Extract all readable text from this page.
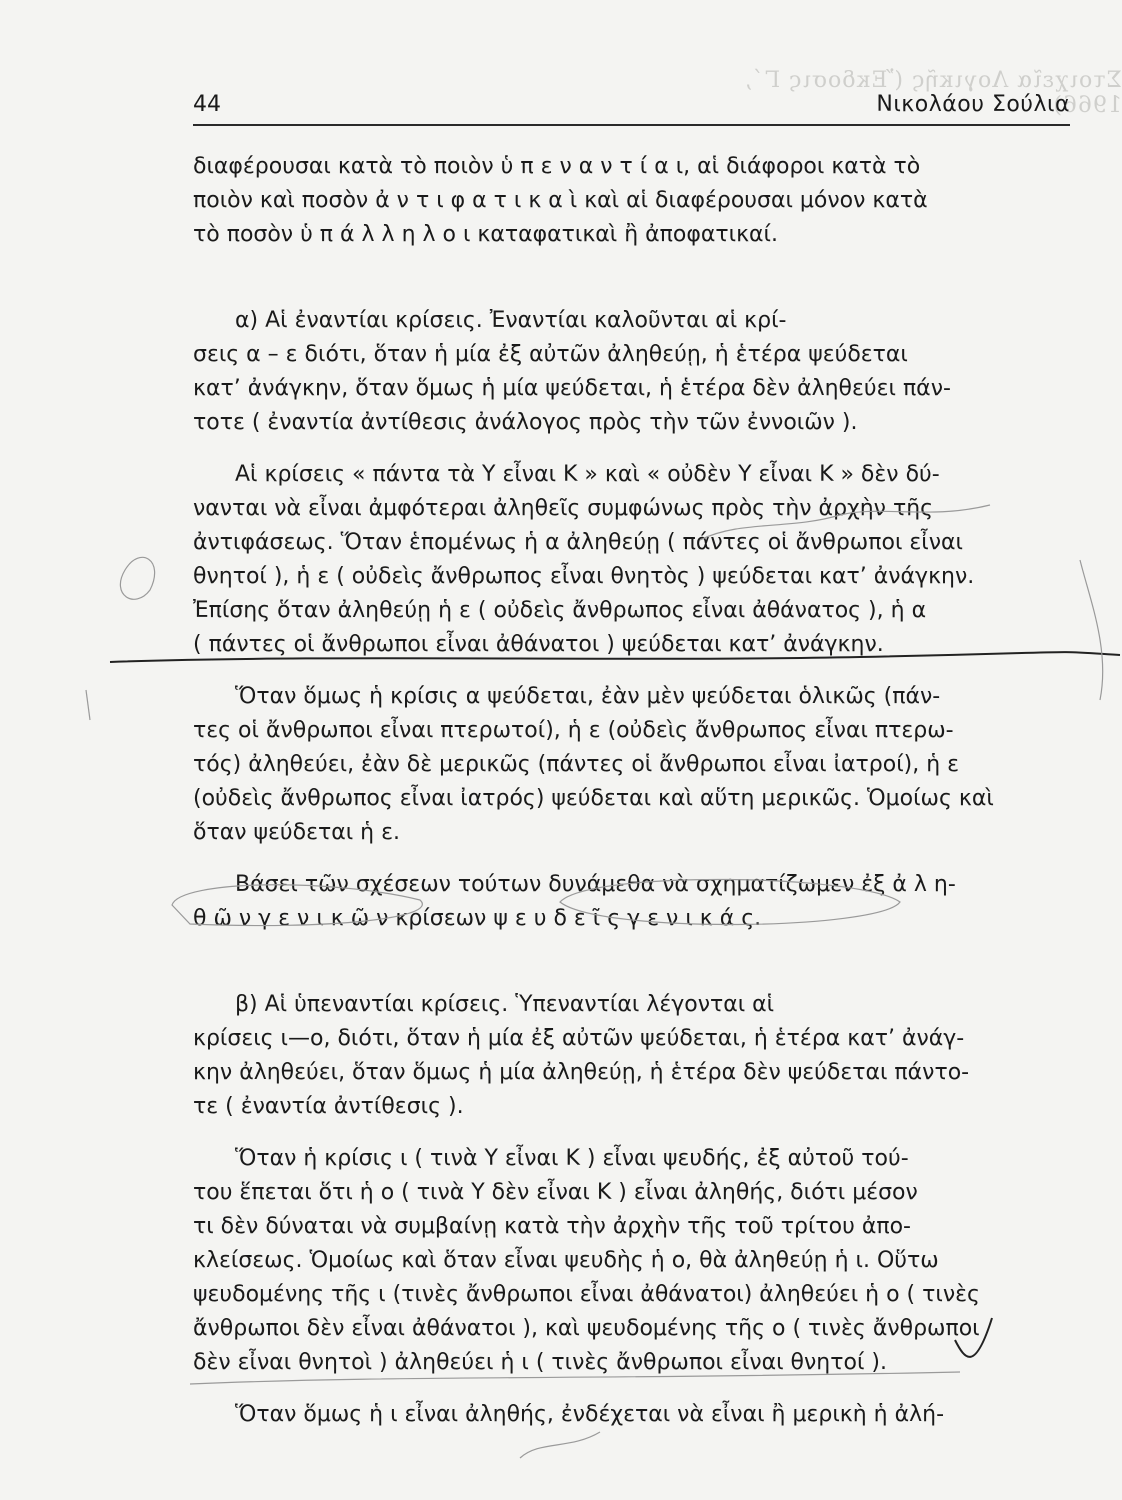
Στοιχεῖα Λογικῆς (Ἔκδοσις Γ΄, 1966)
44	Νικολάου Σούλια
διαφέρουσαι κατὰ τὸ ποιὸν ὑ π ε ν α ν τ ί α ι, αἱ διάφοροι κατὰ τὸ
ποιὸν καὶ ποσὸν ἀ ν τ ι φ α τ ι κ α ὶ καὶ αἱ διαφέρουσαι μόνον κατὰ
τὸ ποσὸν ὑ π ά λ λ η λ ο ι καταφατικαὶ ἢ ἀποφατικαί.
α) Αἱ ἐναντίαι κρίσεις. Ἐναντίαι καλοῦνται αἱ κρί-
σεις α – ε διότι, ὅταν ἡ μία ἐξ αὐτῶν ἀληθεύῃ, ἡ ἑτέρα ψεύδεται
κατ’ ἀνάγκην, ὅταν ὅμως ἡ μία ψεύδεται, ἡ ἑτέρα δὲν ἀληθεύει πάν-
τοτε ( ἐναντία ἀντίθεσις ἀνάλογος πρὸς τὴν τῶν ἐννοιῶν ).
Αἱ κρίσεις « πάντα τὰ Υ εἶναι Κ » καὶ « οὐδὲν Υ εἶναι Κ » δὲν δύ-
νανται νὰ εἶναι ἀμφότεραι ἀληθεῖς συμφώνως πρὸς τὴν ἀρχὴν τῆς
ἀντιφάσεως. Ὅταν ἑπομένως ἡ α ἀληθεύῃ ( πάντες οἱ ἄνθρωποι εἶναι
θνητοί ), ἡ ε ( οὐδεὶς ἄνθρωπος εἶναι θνητὸς ) ψεύδεται κατ’ ἀνάγκην.
Ἐπίσης ὅταν ἀληθεύῃ ἡ ε ( οὐδεὶς ἄνθρωπος εἶναι ἀθάνατος ), ἡ α
( πάντες οἱ ἄνθρωποι εἶναι ἀθάνατοι ) ψεύδεται κατ’ ἀνάγκην.
Ὅταν ὅμως ἡ κρίσις α ψεύδεται, ἐὰν μὲν ψεύδεται ὁλικῶς (πάν-
τες οἱ ἄνθρωποι εἶναι πτερωτοί), ἡ ε (οὐδεὶς ἄνθρωπος εἶναι πτερω-
τός) ἀληθεύει, ἐὰν δὲ μερικῶς (πάντες οἱ ἄνθρωποι εἶναι ἰατροί), ἡ ε
(οὐδεὶς ἄνθρωπος εἶναι ἰατρός) ψεύδεται καὶ αὕτη μερικῶς. Ὁμοίως καὶ
ὅταν ψεύδεται ἡ ε.
Βάσει τῶν σχέσεων τούτων δυνάμεθα νὰ σχηματίζωμεν ἐξ ἀ λ η-
θ ῶ ν γ ε ν ι κ ῶ ν κρίσεων ψ ε υ δ ε ῖ ς γ ε ν ι κ ά ς.
β) Αἱ ὑπεναντίαι κρίσεις. Ὑπεναντίαι λέγονται αἱ
κρίσεις ι—ο, διότι, ὅταν ἡ μία ἐξ αὐτῶν ψεύδεται, ἡ ἑτέρα κατ’ ἀνάγ-
κην ἀληθεύει, ὅταν ὅμως ἡ μία ἀληθεύῃ, ἡ ἑτέρα δὲν ψεύδεται πάντο-
τε ( ἐναντία ἀντίθεσις ).
Ὅταν ἡ κρίσις ι ( τινὰ Υ εἶναι Κ ) εἶναι ψευδής, ἐξ αὐτοῦ τού-
του ἕπεται ὅτι ἡ ο ( τινὰ Υ δὲν εἶναι Κ ) εἶναι ἀληθής, διότι μέσον
τι δὲν δύναται νὰ συμβαίνῃ κατὰ τὴν ἀρχὴν τῆς τοῦ τρίτου ἀπο-
κλείσεως. Ὁμοίως καὶ ὅταν εἶναι ψευδὴς ἡ ο, θὰ ἀληθεύῃ ἡ ι. Οὕτω
ψευδομένης τῆς ι (τινὲς ἄνθρωποι εἶναι ἀθάνατοι) ἀληθεύει ἡ ο ( τινὲς
ἄνθρωποι δὲν εἶναι ἀθάνατοι ), καὶ ψευδομένης τῆς ο ( τινὲς ἄνθρωποι
δὲν εἶναι θνητοὶ ) ἀληθεύει ἡ ι ( τινὲς ἄνθρωποι εἶναι θνητοί ).
Ὅταν ὅμως ἡ ι εἶναι ἀληθής, ἐνδέχεται νὰ εἶναι ἢ μερικὴ ἡ ἀλή-
